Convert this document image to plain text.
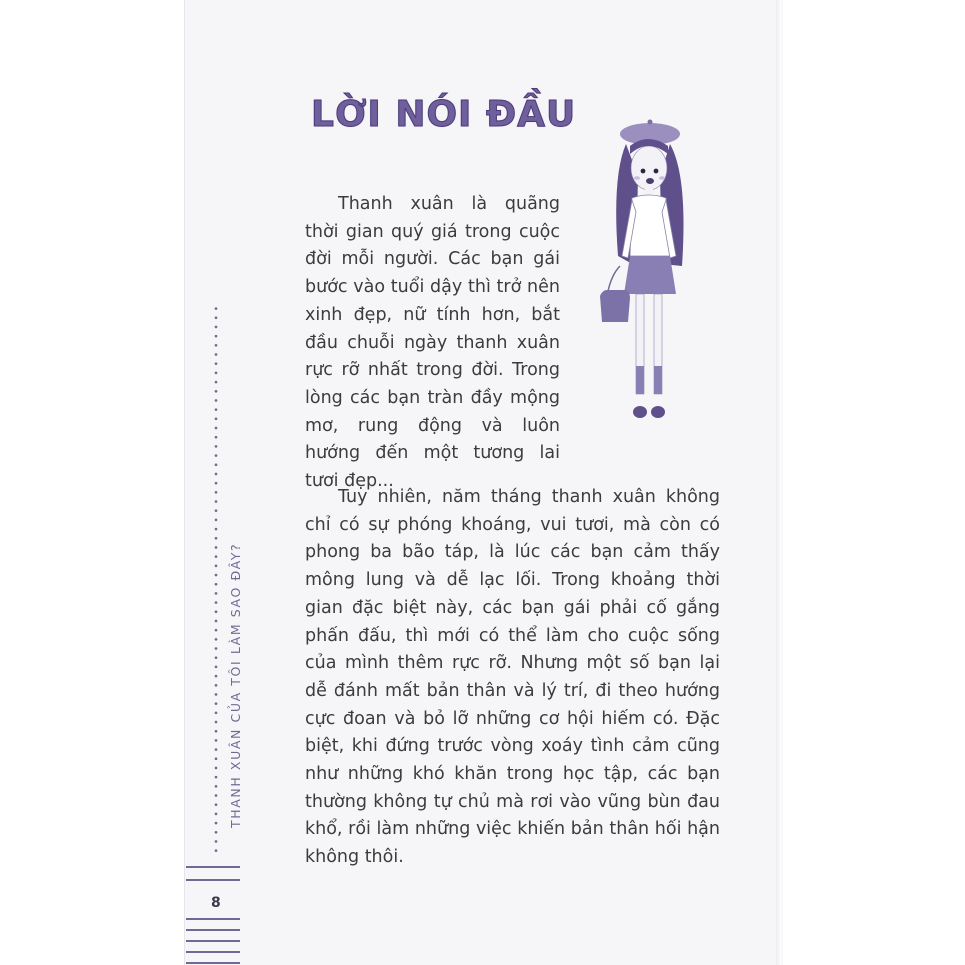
LỜI NÓI ĐẦU

Thanh xuân là quãng thời gian quý giá trong cuộc đời mỗi người. Các bạn gái bước vào tuổi dậy thì trở nên xinh đẹp, nữ tính hơn, bắt đầu chuỗi ngày thanh xuân rực rỡ nhất trong đời. Trong lòng các bạn tràn đầy mộng mơ, rung động và luôn hướng đến một tương lai tươi đẹp...

Tuy nhiên, năm tháng thanh xuân không chỉ có sự phóng khoáng, vui tươi, mà còn có phong ba bão táp, là lúc các bạn cảm thấy mông lung và dễ lạc lối. Trong khoảng thời gian đặc biệt này, các bạn gái phải cố gắng phấn đấu, thì mới có thể làm cho cuộc sống của mình thêm rực rỡ. Nhưng một số bạn lại dễ đánh mất bản thân và lý trí, đi theo hướng cực đoan và bỏ lỡ những cơ hội hiếm có. Đặc biệt, khi đứng trước vòng xoáy tình cảm cũng như những khó khăn trong học tập, các bạn thường không tự chủ mà rơi vào vũng bùn đau khổ, rồi làm những việc khiến bản thân hối hận không thôi.

THANH XUÂN CỦA TÔI LÀM SAO ĐÂY?
8
